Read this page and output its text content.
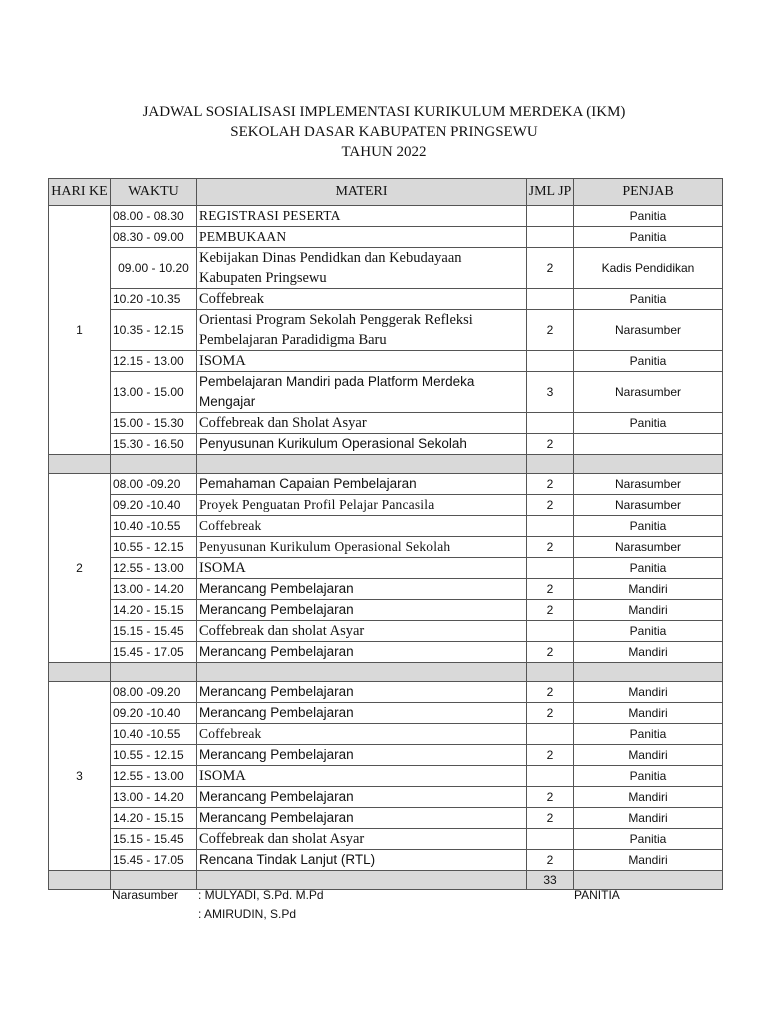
JADWAL SOSIALISASI IMPLEMENTASI KURIKULUM MERDEKA (IKM)
SEKOLAH DASAR KABUPATEN PRINGSEWU
TAHUN 2022
HARI KE	WAKTU	MATERI	JML JP	PENJAB
1	08.00 - 08.30	REGISTRASI PESERTA		Panitia
	08.30 - 09.00	PEMBUKAAN		Panitia
	09.00 - 10.20	Kebijakan Dinas Pendidkan dan Kebudayaan Kabupaten Pringsewu	2	Kadis Pendidikan
	10.20 -10.35	Coffebreak		Panitia
	10.35 - 12.15	Orientasi Program Sekolah Penggerak Refleksi Pembelajaran Paradidigma Baru	2	Narasumber
	12.15 - 13.00	ISOMA		Panitia
	13.00 - 15.00	Pembelajaran Mandiri pada Platform Merdeka Mengajar	3	Narasumber
	15.00 - 15.30	Coffebreak dan Sholat Asyar		Panitia
	15.30 - 16.50	Penyusunan Kurikulum Operasional Sekolah	2	

2	08.00 -09.20	Pemahaman Capaian Pembelajaran	2	Narasumber
	09.20 -10.40	Proyek Penguatan Profil Pelajar Pancasila	2	Narasumber
	10.40 -10.55	Coffebreak		Panitia
	10.55 - 12.15	Penyusunan Kurikulum Operasional Sekolah	2	Narasumber
	12.55 - 13.00	ISOMA		Panitia
	13.00 - 14.20	Merancang Pembelajaran	2	Mandiri
	14.20 - 15.15	Merancang Pembelajaran	2	Mandiri
	15.15 - 15.45	Coffebreak dan sholat Asyar		Panitia
	15.45 - 17.05	Merancang Pembelajaran	2	Mandiri

3	08.00 -09.20	Merancang Pembelajaran	2	Mandiri
	09.20 -10.40	Merancang Pembelajaran	2	Mandiri
	10.40 -10.55	Coffebreak		Panitia
	10.55 - 12.15	Merancang Pembelajaran	2	Mandiri
	12.55 - 13.00	ISOMA		Panitia
	13.00 - 14.20	Merancang Pembelajaran	2	Mandiri
	14.20 - 15.15	Merancang Pembelajaran	2	Mandiri
	15.15 - 15.45	Coffebreak dan sholat Asyar		Panitia
	15.45 - 17.05	Rencana Tindak Lanjut (RTL)	2	Mandiri
			33	
Narasumber : MULYADI, S.Pd. M.Pd
: AMIRUDIN, S.Pd
PANITIA
